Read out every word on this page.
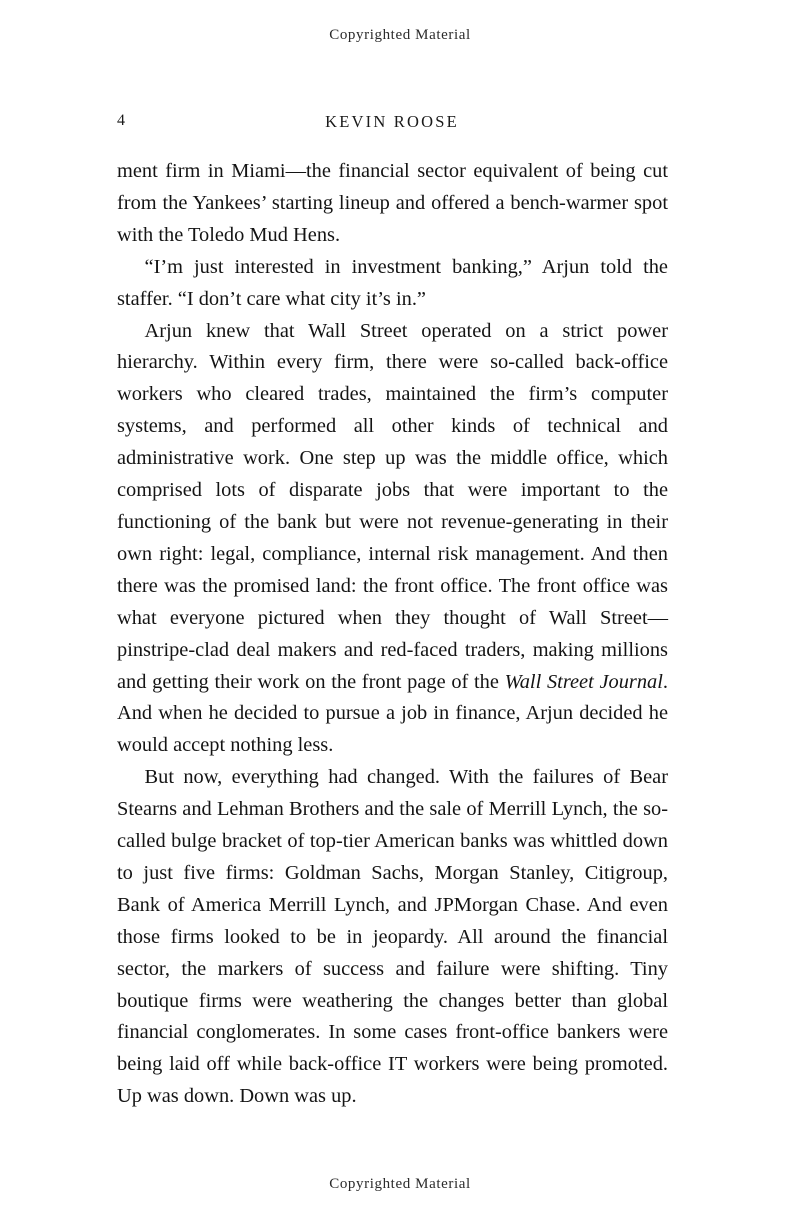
Copyrighted Material
4	KEVIN ROOSE

ment firm in Miami—the financial sector equivalent of being cut from the Yankees’ starting lineup and offered a bench-warmer spot with the Toledo Mud Hens.

“I’m just interested in investment banking,” Arjun told the staffer. “I don’t care what city it’s in.”

Arjun knew that Wall Street operated on a strict power hierarchy. Within every firm, there were so-called back-office workers who cleared trades, maintained the firm’s computer systems, and performed all other kinds of technical and administrative work. One step up was the middle office, which comprised lots of disparate jobs that were important to the functioning of the bank but were not revenue-generating in their own right: legal, compliance, internal risk management. And then there was the promised land: the front office. The front office was what everyone pictured when they thought of Wall Street—pinstripe-clad deal makers and red-faced traders, making millions and getting their work on the front page of the Wall Street Journal. And when he decided to pursue a job in finance, Arjun decided he would accept nothing less.

But now, everything had changed. With the failures of Bear Stearns and Lehman Brothers and the sale of Merrill Lynch, the so-called bulge bracket of top-tier American banks was whittled down to just five firms: Goldman Sachs, Morgan Stanley, Citigroup, Bank of America Merrill Lynch, and JPMorgan Chase. And even those firms looked to be in jeopardy. All around the financial sector, the markers of success and failure were shifting. Tiny boutique firms were weathering the changes better than global financial conglomerates. In some cases front-office bankers were being laid off while back-office IT workers were being promoted. Up was down. Down was up.

Copyrighted Material
